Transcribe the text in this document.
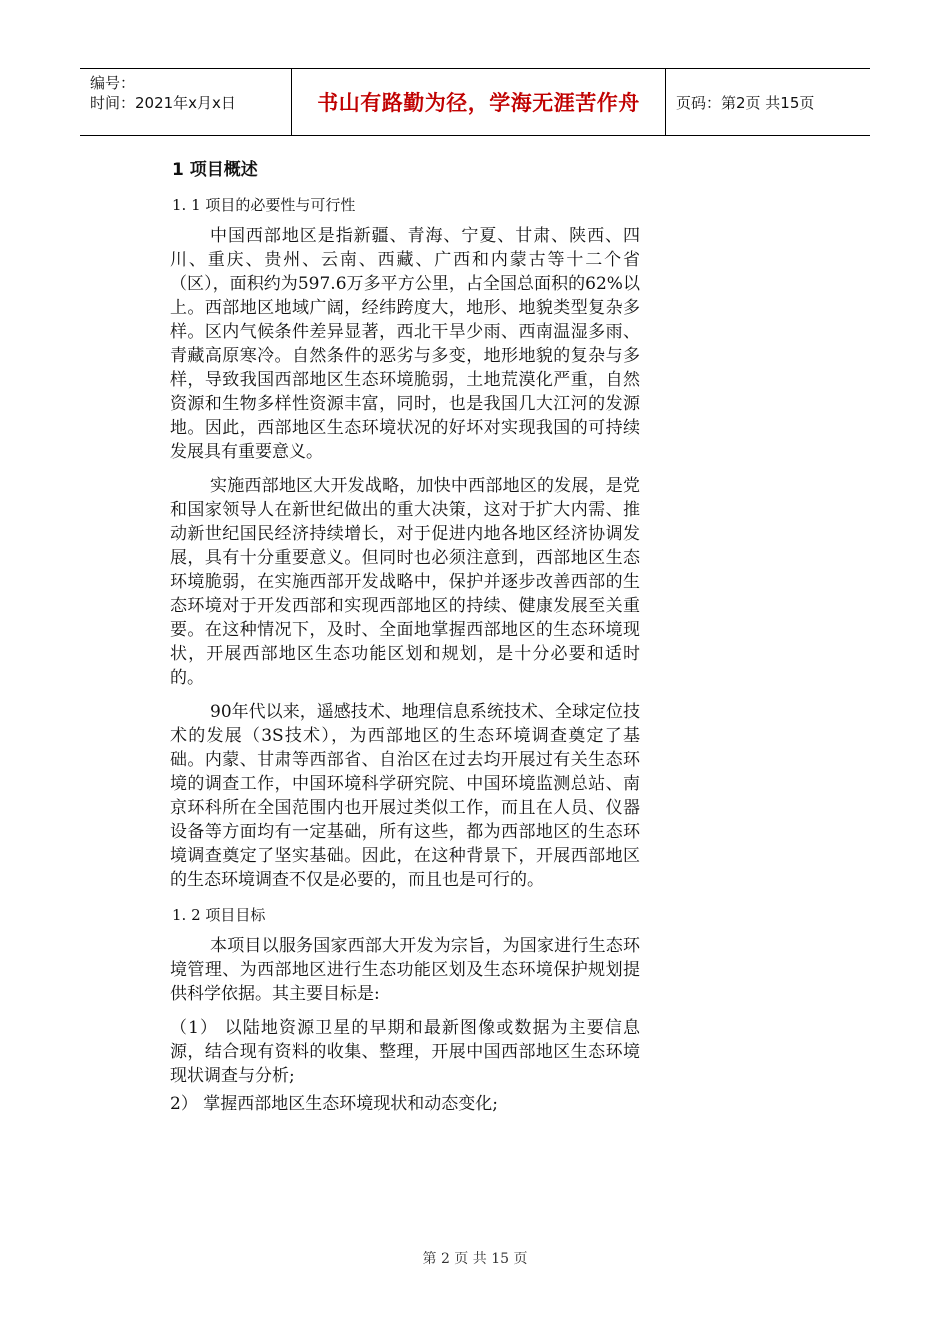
编号：
时间：2021年x月x日	书山有路勤为径，学海无涯苦作舟	页码：第2页 共15页
1 项目概述
1. 1 项目的必要性与可行性

中国西部地区是指新疆、青海、宁夏、甘肃、陕西、四川、重庆、贵州、云南、西藏、广西和内蒙古等十二个省（区），面积约为597.6万多平方公里，占全国总面积的62%以上。西部地区地域广阔，经纬跨度大，地形、地貌类型复杂多样。区内气候条件差异显著，西北干旱少雨、西南温湿多雨、青藏高原寒冷。自然条件的恶劣与多变，地形地貌的复杂与多样，导致我国西部地区生态环境脆弱，土地荒漠化严重，自然资源和生物多样性资源丰富，同时，也是我国几大江河的发源地。因此，西部地区生态环境状况的好坏对实现我国的可持续发展具有重要意义。

实施西部地区大开发战略，加快中西部地区的发展，是党和国家领导人在新世纪做出的重大决策，这对于扩大内需、推动新世纪国民经济持续增长，对于促进内地各地区经济协调发展，具有十分重要意义。但同时也必须注意到，西部地区生态环境脆弱，在实施西部开发战略中，保护并逐步改善西部的生态环境对于开发西部和实现西部地区的持续、健康发展至关重要。在这种情况下，及时、全面地掌握西部地区的生态环境现状，开展西部地区生态功能区划和规划，是十分必要和适时的。

90年代以来，遥感技术、地理信息系统技术、全球定位技术的发展（3S技术），为西部地区的生态环境调查奠定了基础。内蒙、甘肃等西部省、自治区在过去均开展过有关生态环境的调查工作，中国环境科学研究院、中国环境监测总站、南京环科所在全国范围内也开展过类似工作，而且在人员、仪器设备等方面均有一定基础，所有这些，都为西部地区的生态环境调查奠定了坚实基础。因此，在这种背景下，开展西部地区的生态环境调查不仅是必要的，而且也是可行的。

1. 2 项目目标

本项目以服务国家西部大开发为宗旨，为国家进行生态环境管理、为西部地区进行生态功能区划及生态环境保护规划提供科学依据。其主要目标是:

（1） 以陆地资源卫星的早期和最新图像或数据为主要信息源，结合现有资料的收集、整理，开展中国西部地区生态环境现状调查与分析;
2） 掌握西部地区生态环境现状和动态变化;
第 2 页 共 15 页
